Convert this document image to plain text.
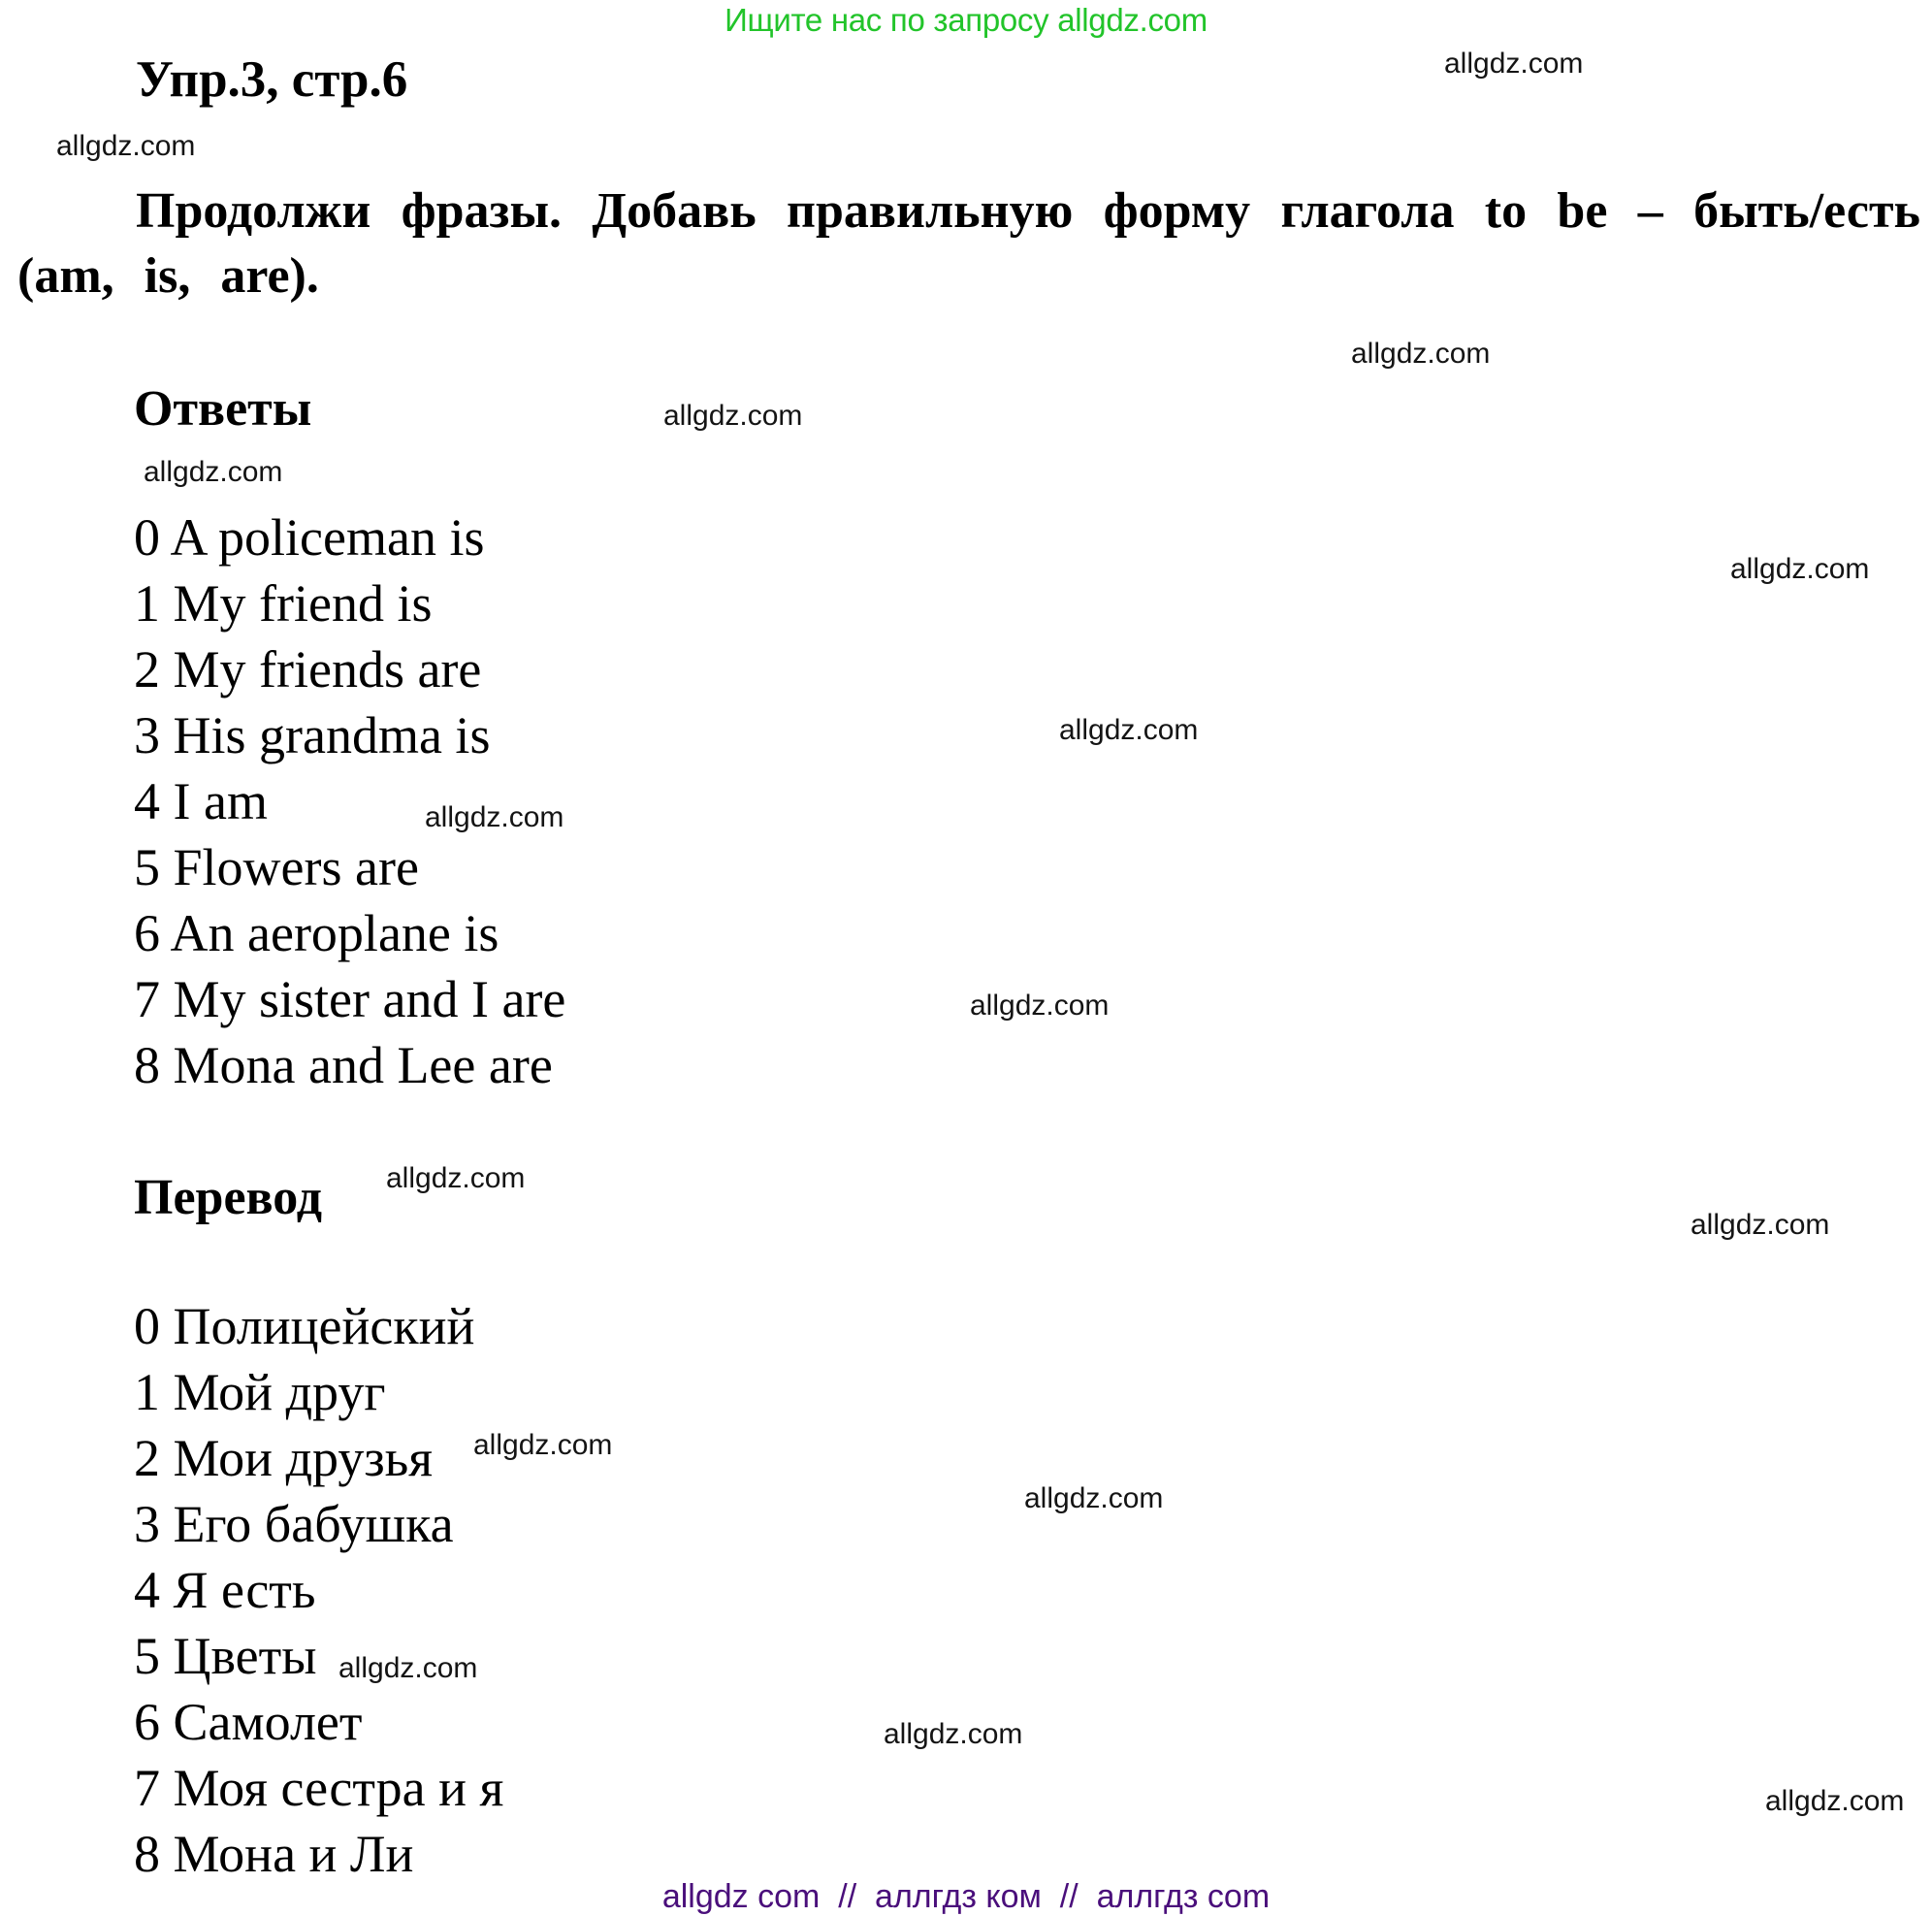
Ищите нас по запросу allgdz.com
Упр.3, стр.6
Продолжи фразы. Добавь правильную форму глагола to be – быть/есть (am, is, are).
Ответы
0 A policeman is
1 My friend is
2 My friends are
3 His grandma is
4 I am
5 Flowers are
6 An aeroplane is
7 My sister and I are
8 Mona and Lee are
Перевод
0 Полицейский
1 Мой друг
2 Мои друзья
3 Его бабушка
4 Я есть
5 Цветы
6 Самолет
7 Моя сестра и я
8 Мона и Ли
allgdz.com
allgdz.com
allgdz.com
allgdz.com
allgdz.com
allgdz.com
allgdz.com
allgdz.com
allgdz.com
allgdz.com
allgdz.com
allgdz.com
allgdz.com
allgdz.com
allgdz.com
allgdz.com
allgdz com  //  аллгдз ком  //  аллгдз com
